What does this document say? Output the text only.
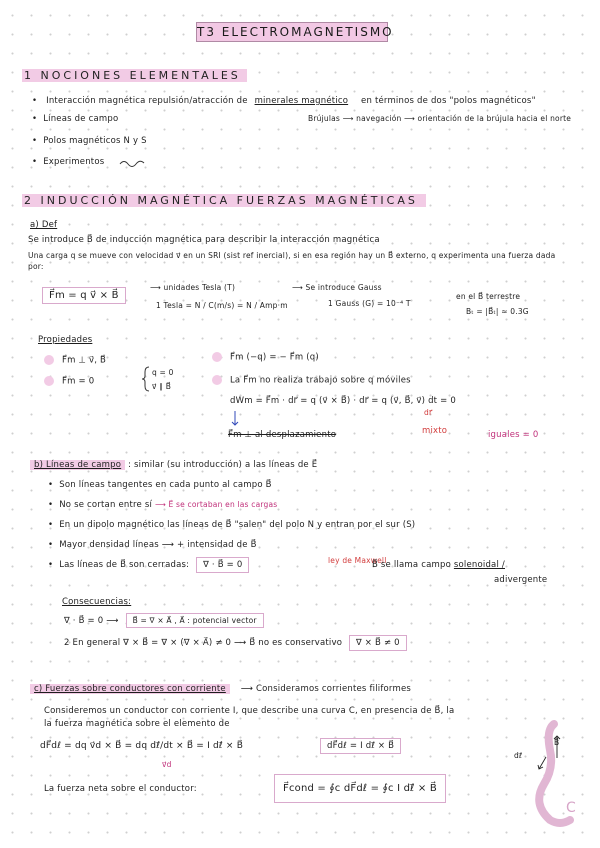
T3 ELECTROMAGNETISMO
1 NOCIONES ELEMENTALES
• Interacción magnética repulsión/atracción de minerales magnético en términos de dos "polos magnéticos"
• Líneas de campo	Brújulas ⟶ navegación ⟶ orientación de la brújula hacia el norte
• Polos magnéticos N y S
• Experimentos
2 INDUCCIÓN MAGNÉTICA FUERZAS MAGNÉTICAS
a) Def
Se introduce B⃗ de inducción magnética para describir la interacción magnética
Una carga q se mueve con velocidad v⃗ en un SRI (sist ref inercial), si en esa región hay un B⃗ externo, q experimenta una fuerza dada por:
F⃗m = q v⃗ × B⃗
⟶ unidades Tesla (T)
1 Tesla = N / C(m/s) = N / Amp·m
⟶ Se introduce Gauss
1 Gauss (G) = 10⁻⁴ T
en el B⃗ terrestre
Bₜ = |B⃗ₜ| ≈ 0.3G
Propiedades
F⃗m ⊥ v⃗, B⃗
F⃗m = 0
q = 0
v⃗ ∥ B⃗
F⃗m (−q) = − F⃗m (q)
La F⃗m no realiza trabajo sobre q móviles
dWm = F⃗m · dr⃗ = q (v⃗ × B⃗) · dr⃗ = q (v⃗, B⃗, v⃗) dt = 0
dr⃗
F⃗m ⊥ al desplazamiento	mixto	iguales = 0
b) Líneas de campo : similar (su introducción) a las líneas de E⃗
• Son líneas tangentes en cada punto al campo B⃗
• No se cortan entre sí ⟶ E⃗ se cortaban en las cargas
• En un dipolo magnético las líneas de B⃗ "salen" del polo N y entran por el sur (S)
• Mayor densidad líneas ⟶ + intensidad de B⃗
• Las líneas de B⃗ son cerradas: ∇ · B⃗ = 0	ley de Maxwell
B⃗ se llama campo solenoidal /
adivergente
Consecuencias:
∇ · B⃗ = 0 ⟶ B⃗ = ∇ × A⃗ , A⃗ : potencial vector
2 En general ∇ × B⃗ = ∇ × (∇ × A⃗) ≠ 0 ⟶ B⃗ no es conservativo ∇ × B⃗ ≠ 0
c) Fuerzas sobre conductores con corriente ⟶ Consideramos corrientes filiformes
Consideremos un conductor con corriente I, que describe una curva C, en presencia de B⃗, la
la fuerza magnética sobre el elemento de
dF⃗dℓ = dq v⃗d × B⃗ = dq dℓ⃗/dt × B⃗ = I dℓ⃗ × B⃗
v⃗d
dF⃗dℓ = I dℓ⃗ × B⃗
La fuerza neta sobre el conductor:	F⃗cond = ∮c dF⃗dℓ = ∮c I dℓ⃗ × B⃗
B⃗
dℓ⃗
C
